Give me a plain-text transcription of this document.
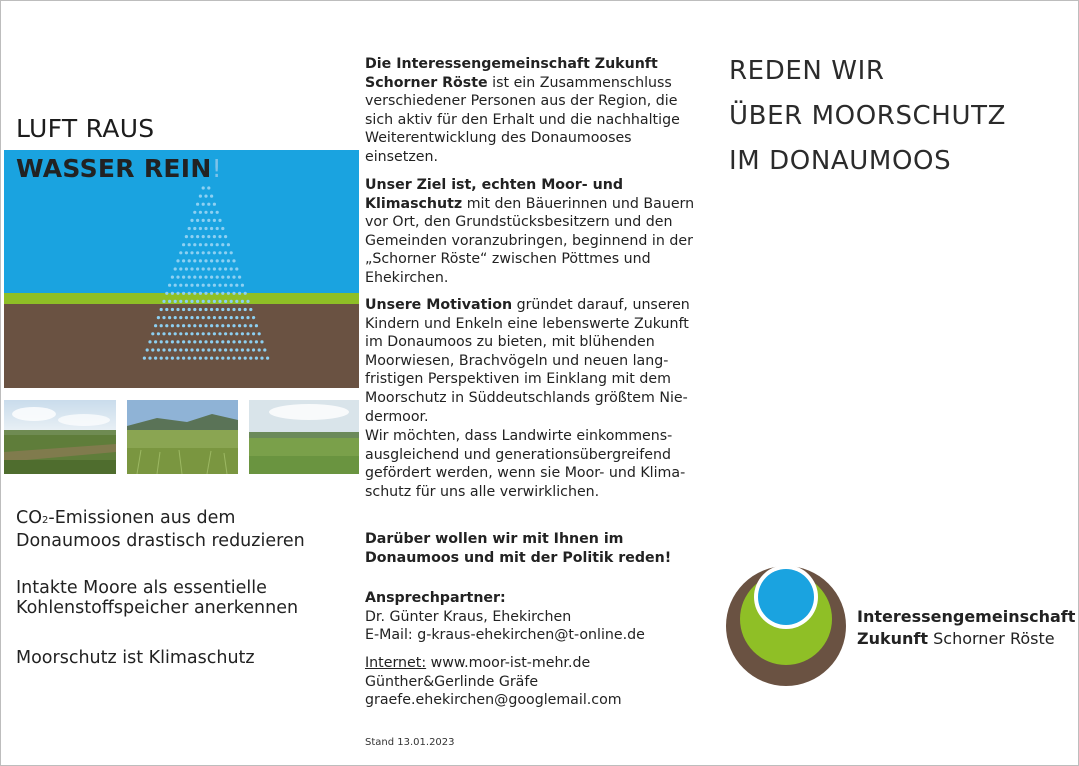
LUFT RAUS
WASSER REIN!
CO2-Emissionen aus dem
Donaumoos drastisch reduzieren
Intakte Moore als essentielle
Kohlenstoffspeicher anerkennen
Moorschutz ist Klimaschutz
Die Interessengemeinschaft Zukunft Schorner Röste ist ein Zusammenschluss verschiedener Personen aus der Region, die sich aktiv für den Erhalt und die nachhaltige Weiterentwicklung des Donaumooses einsetzen.
Unser Ziel ist, echten Moor- und Klimaschutz mit den Bäuerinnen und Bauern vor Ort, den Grundstücksbesitzern und den Gemeinden voranzubringen, beginnend in der „Schorner Röste“ zwischen Pöttmes und Ehekirchen.
Unsere Motivation gründet darauf, unseren Kindern und Enkeln eine lebenswerte Zukunft im Donaumoos zu bieten, mit blühenden Moorwiesen, Brachvögeln und neuen langfristigen Perspektiven im Einklang mit dem Moorschutz in Süddeutschlands größtem Niedermoor.
Wir möchten, dass Landwirte einkommensausgleichend und generationsübergreifend gefördert werden, wenn sie Moor- und Klimaschutz für uns alle verwirklichen.
Darüber wollen wir mit Ihnen im Donaumoos und mit der Politik reden!
Ansprechpartner:
Dr. Günter Kraus, Ehekirchen
E-Mail: g-kraus-ehekirchen@t-online.de
Internet: www.moor-ist-mehr.de
Günther&Gerlinde Gräfe
graefe.ehekirchen@googlemail.com
Stand 13.01.2023
REDEN WIR
ÜBER MOORSCHUTZ
IM DONAUMOOS
Interessengemeinschaft
Zukunft Schorner Röste
